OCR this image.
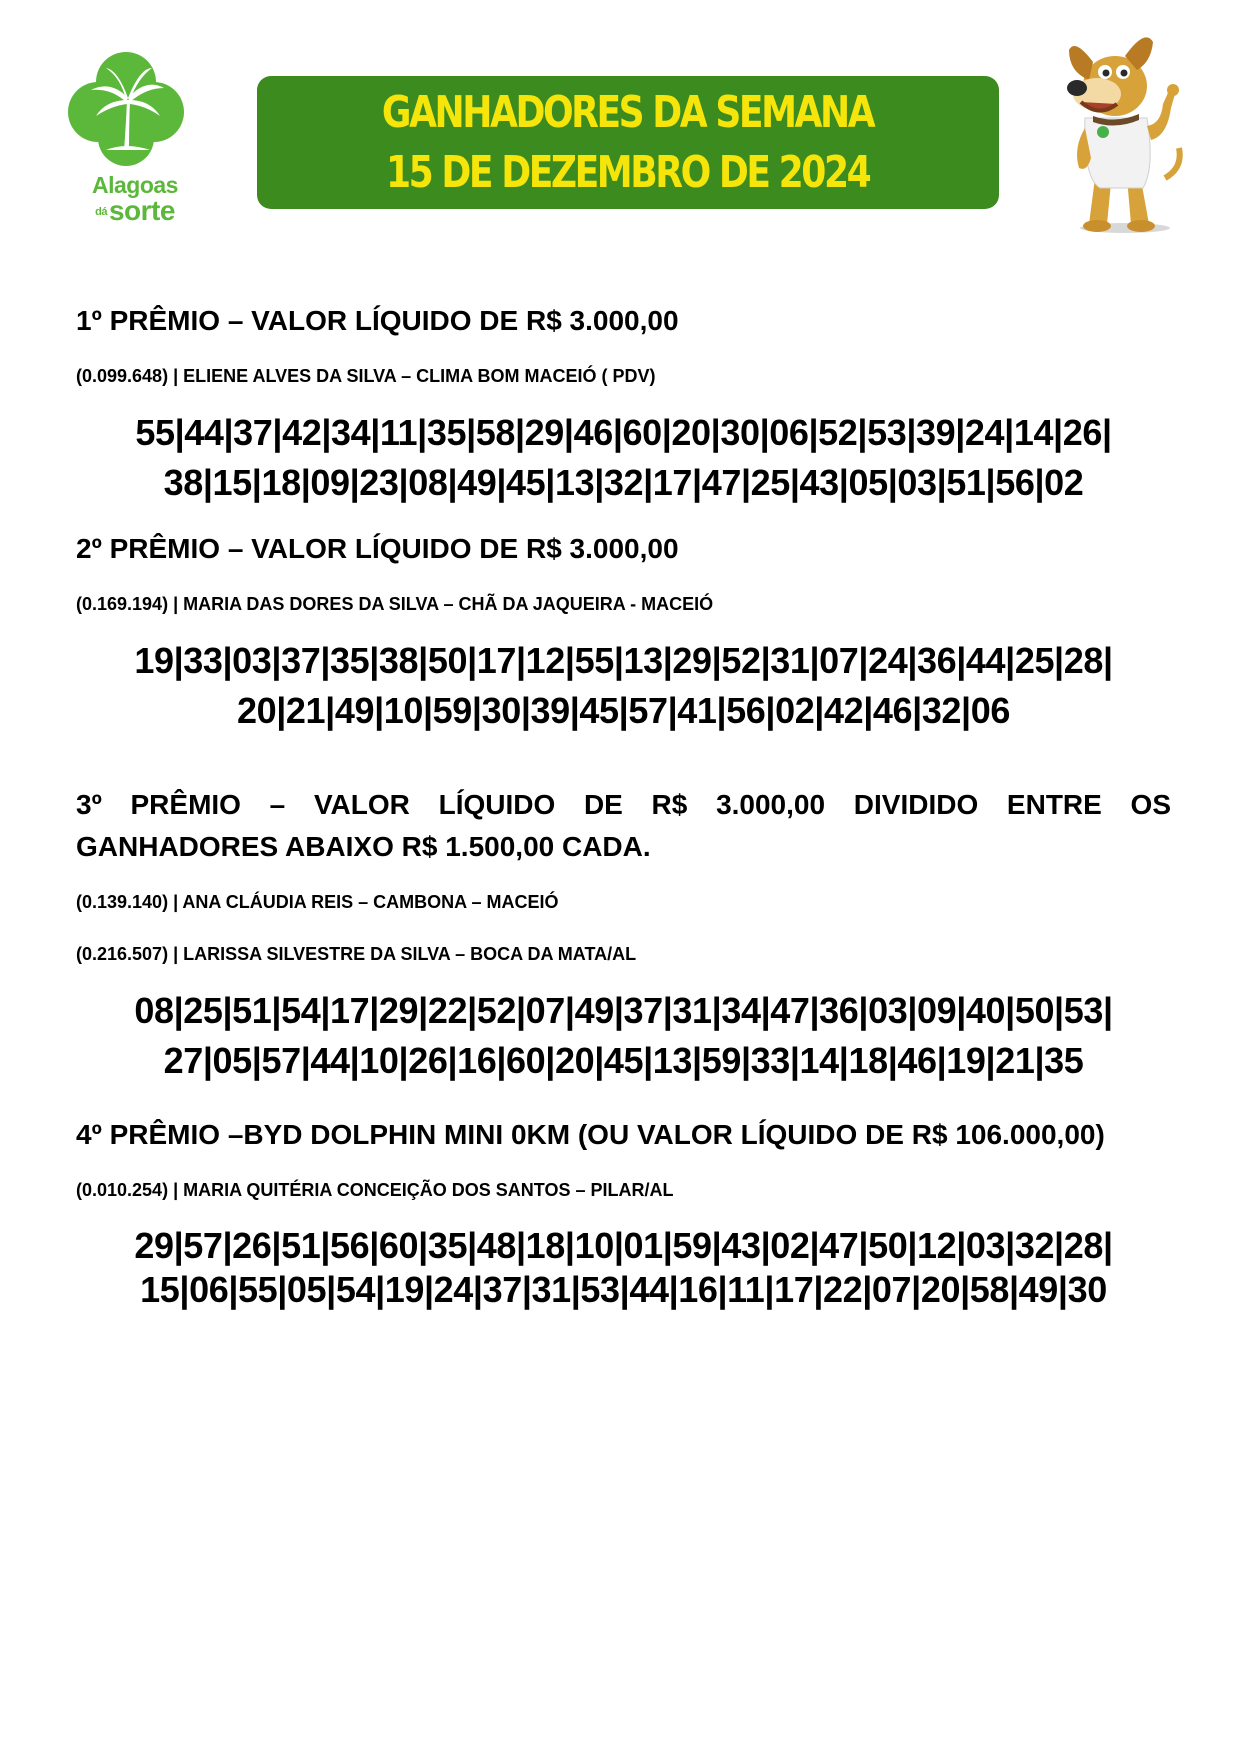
Alagoas
dásorte
GANHADORES DA SEMANA
15 DE DEZEMBRO DE 2024

1º PRÊMIO – VALOR LÍQUIDO DE R$ 3.000,00

(0.099.648) | ELIENE ALVES DA SILVA – CLIMA BOM MACEIÓ ( PDV)

55|44|37|42|34|11|35|58|29|46|60|20|30|06|52|53|39|24|14|26|

38|15|18|09|23|08|49|45|13|32|17|47|25|43|05|03|51|56|02

2º PRÊMIO – VALOR LÍQUIDO DE R$ 3.000,00

(0.169.194) | MARIA DAS DORES DA SILVA – CHÃ DA JAQUEIRA - MACEIÓ

19|33|03|37|35|38|50|17|12|55|13|29|52|31|07|24|36|44|25|28|

20|21|49|10|59|30|39|45|57|41|56|02|42|46|32|06

3º PRÊMIO – VALOR LÍQUIDO DE R$ 3.000,00 DIVIDIDO ENTRE OS GANHADORES ABAIXO R$ 1.500,00 CADA.

(0.139.140) | ANA CLÁUDIA REIS – CAMBONA – MACEIÓ

(0.216.507) | LARISSA SILVESTRE DA SILVA – BOCA DA MATA/AL

08|25|51|54|17|29|22|52|07|49|37|31|34|47|36|03|09|40|50|53|

27|05|57|44|10|26|16|60|20|45|13|59|33|14|18|46|19|21|35

4º PRÊMIO –BYD DOLPHIN MINI 0KM (OU VALOR LÍQUIDO DE R$ 106.000,00)

(0.010.254) | MARIA QUITÉRIA CONCEIÇÃO DOS SANTOS – PILAR/AL

29|57|26|51|56|60|35|48|18|10|01|59|43|02|47|50|12|03|32|28|

15|06|55|05|54|19|24|37|31|53|44|16|11|17|22|07|20|58|49|30
